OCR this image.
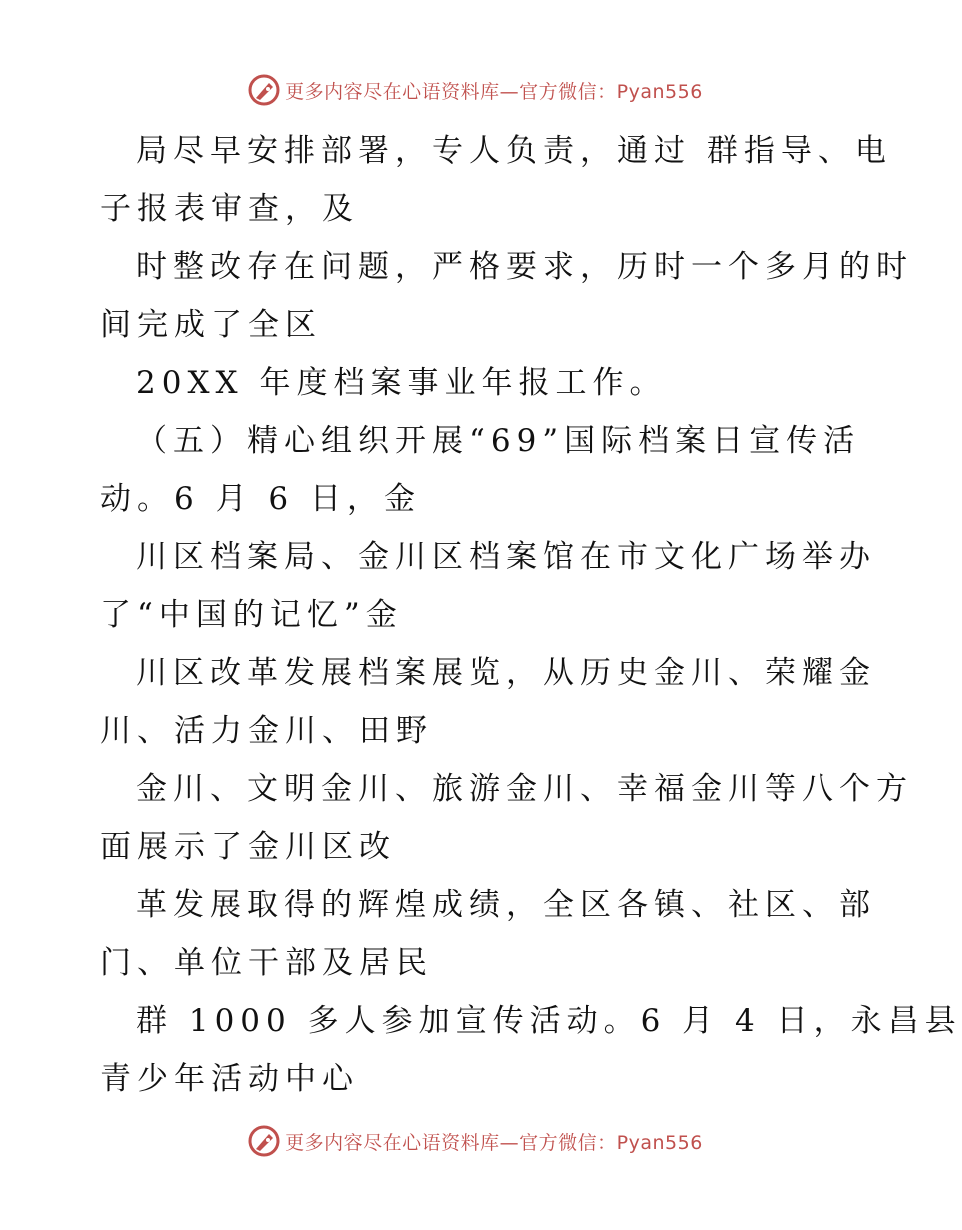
更多内容尽在心语资料库—官方微信：Pyan556
局尽早安排部署，专人负责，通过 群指导、电
子报表审查，及
时整改存在问题，严格要求，历时一个多月的时
间完成了全区
20XX 年度档案事业年报工作。
（五）精心组织开展“69”国际档案日宣传活
动。6 月 6 日，金
川区档案局、金川区档案馆在市文化广场举办
了“中国的记忆”金
川区改革发展档案展览，从历史金川、荣耀金
川、活力金川、田野
金川、文明金川、旅游金川、幸福金川等八个方
面展示了金川区改
革发展取得的辉煌成绩，全区各镇、社区、部
门、单位干部及居民
群 1000 多人参加宣传活动。6 月 4 日，永昌县
青少年活动中心
更多内容尽在心语资料库—官方微信：Pyan556
